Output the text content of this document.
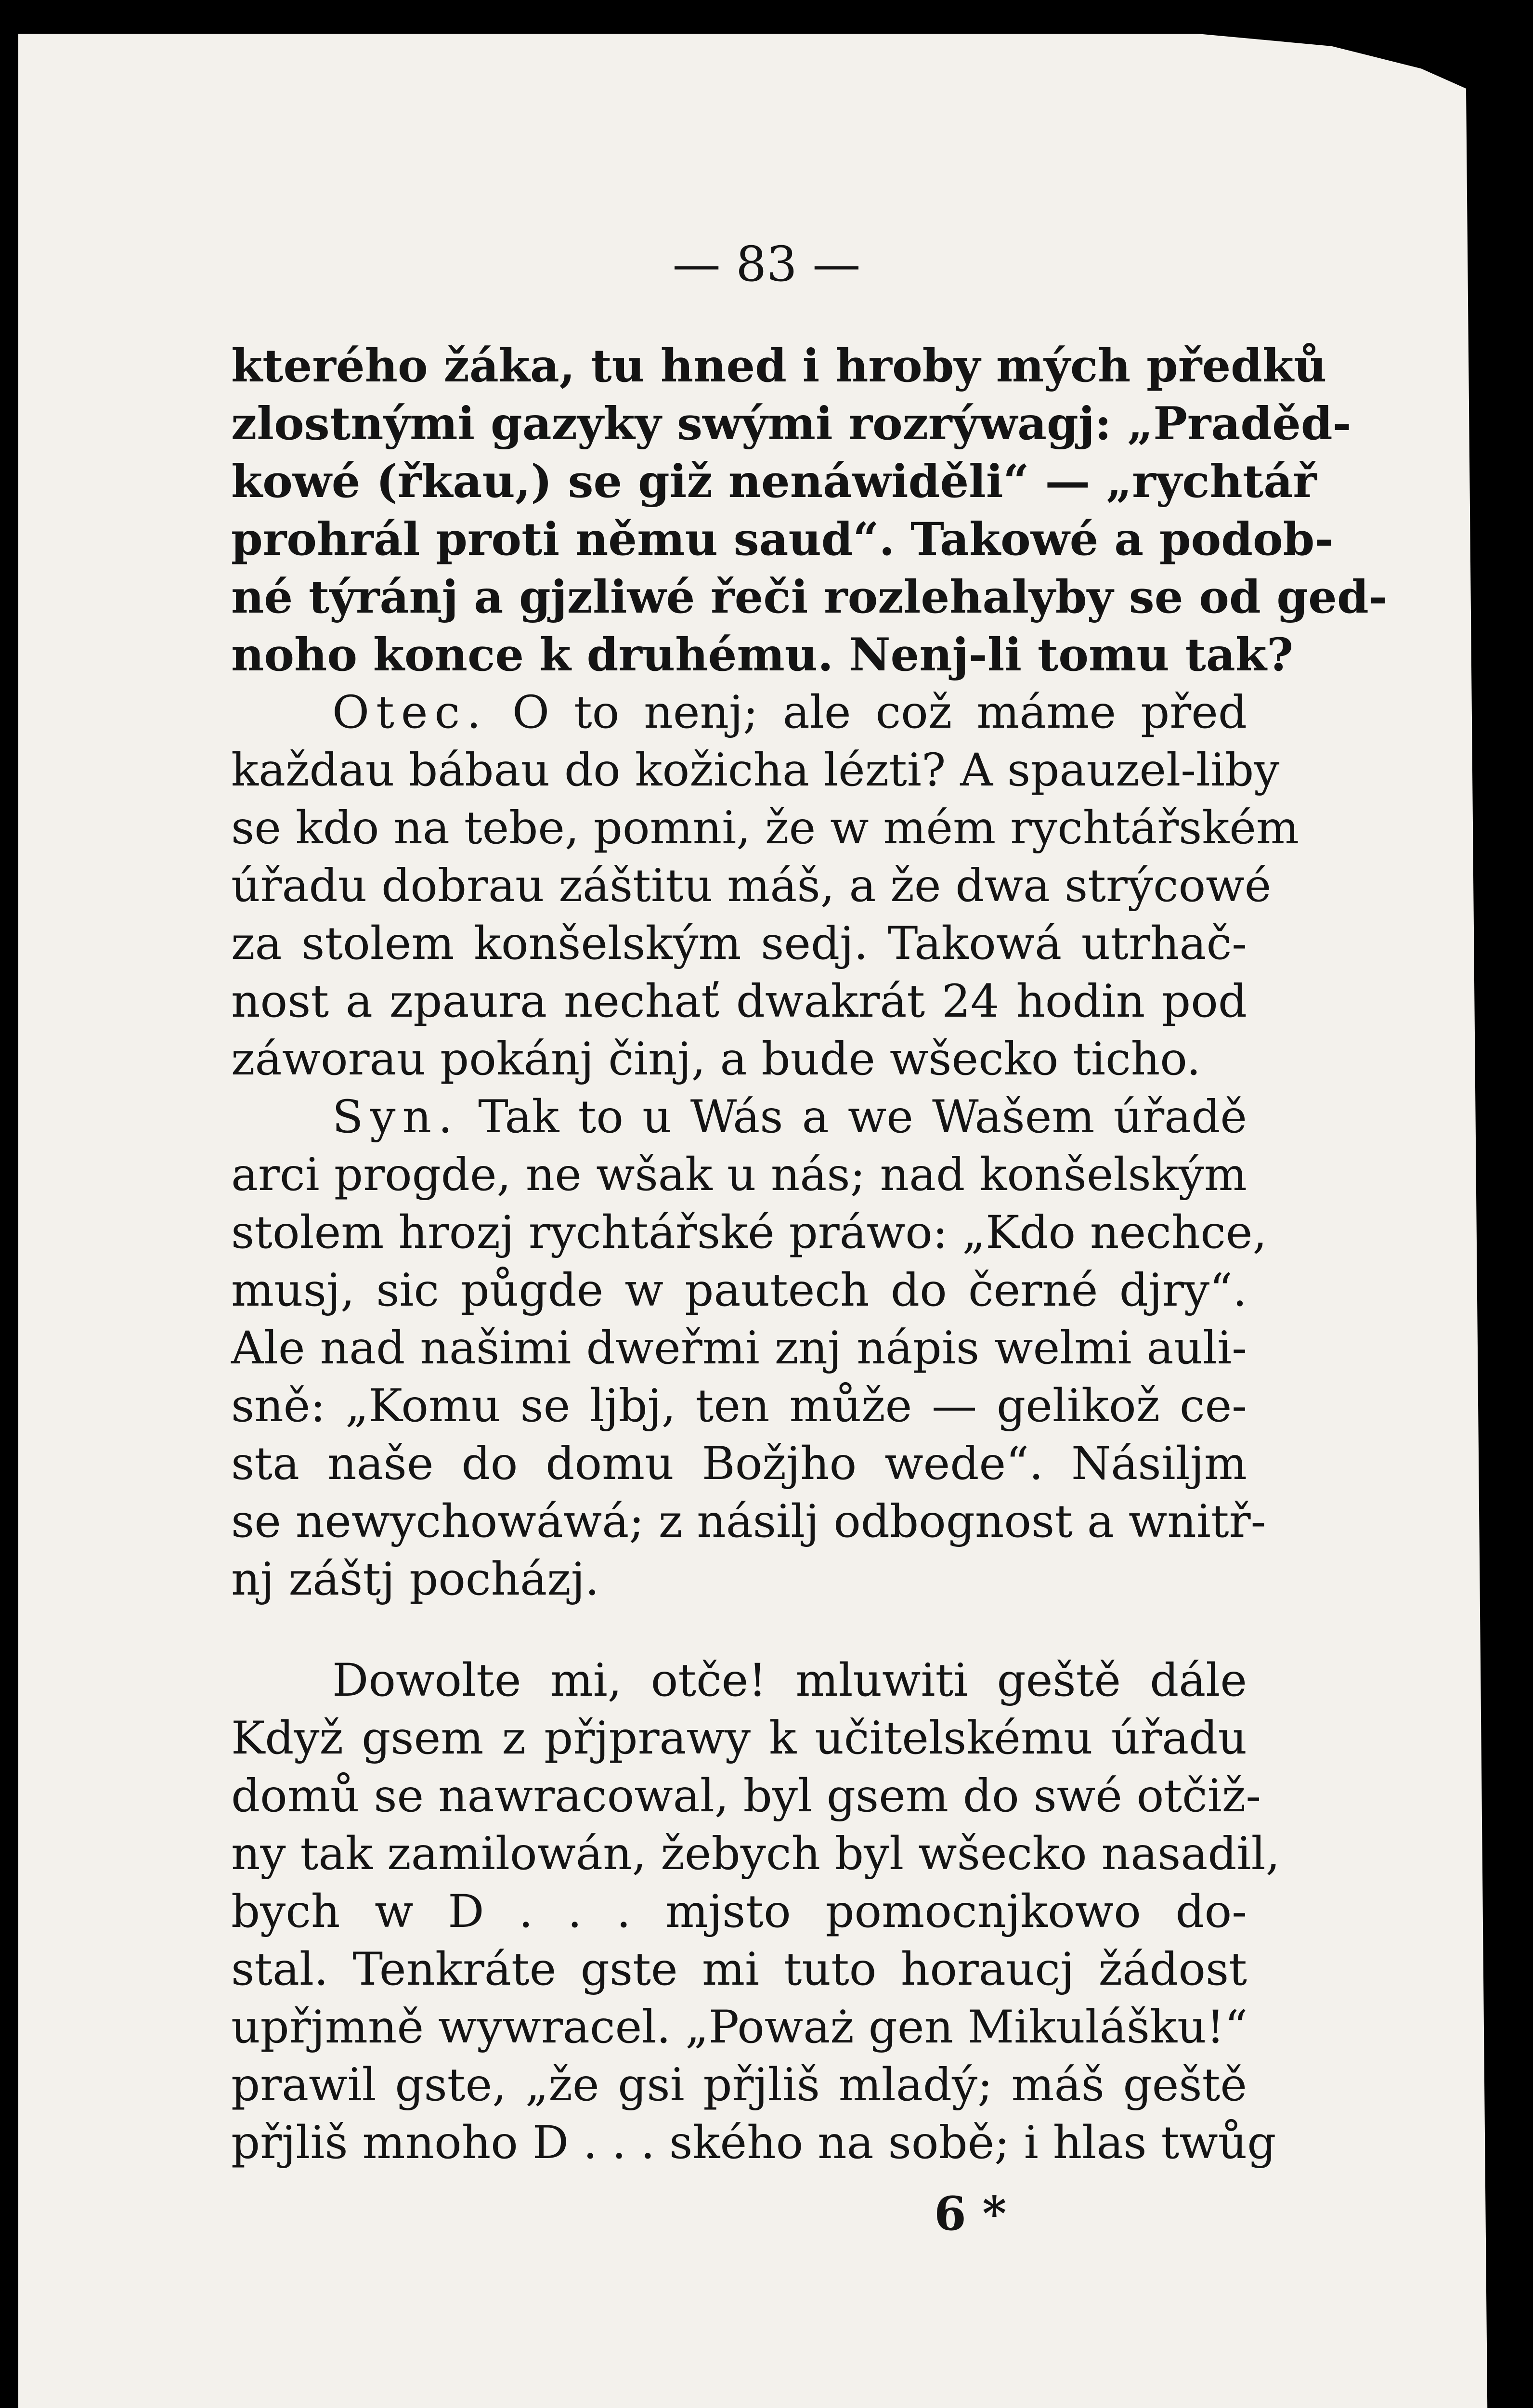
— 83 —
kterého žáka, tu hned i hroby mých předků
zlostnými gazyky swými rozrýwagj: „Praděd-
kowé (řkau,) se giž nenáwiděli“ — „rychtář
prohrál proti němu saud“. Takowé a podob-
né týránj a gjzliwé řeči rozlehalyby se od ged-
noho konce k druhému. Nenj-li tomu tak?
Otec. O to nenj; ale což máme před
každau bábau do kožicha lézti? A spauzel-liby
se kdo na tebe, pomni, že w mém rychtářském
úřadu dobrau záštitu máš, a že dwa strýcowé
za stolem konšelským sedj. Takowá utrhač-
nost a zpaura nechať dwakrát 24 hodin pod
záworau pokánj činj, a bude wšecko ticho.
Syn. Tak to u Wás a we Wašem úřadě
arci progde, ne wšak u nás; nad konšelským
stolem hrozj rychtářské práwo: „Kdo nechce,
musj, sic půgde w pautech do černé djry“.
Ale nad našimi dweřmi znj nápis welmi auli-
sně: „Komu se ljbj, ten může — gelikož ce-
sta naše do domu Božjho wede“. Násiljm
se newychowáwá; z násilj odbognost a wnitř-
nj záštj pocházj.
Dowolte mi, otče! mluwiti geště dále
Když gsem z přjprawy k učitelskému úřadu
domů se nawracowal, byl gsem do swé otčiž-
ny tak zamilowán, žebych byl wšecko nasadil,
bych w D . . . mjsto pomocnjkowo do-
stal. Tenkráte gste mi tuto horaucj žádost
upřjmně wywracel. „Poważ gen Mikulášku!“
prawil gste, „že gsi přjliš mladý; máš geště
přjliš mnoho D . . . ského na sobě; i hlas twůg
6 *
